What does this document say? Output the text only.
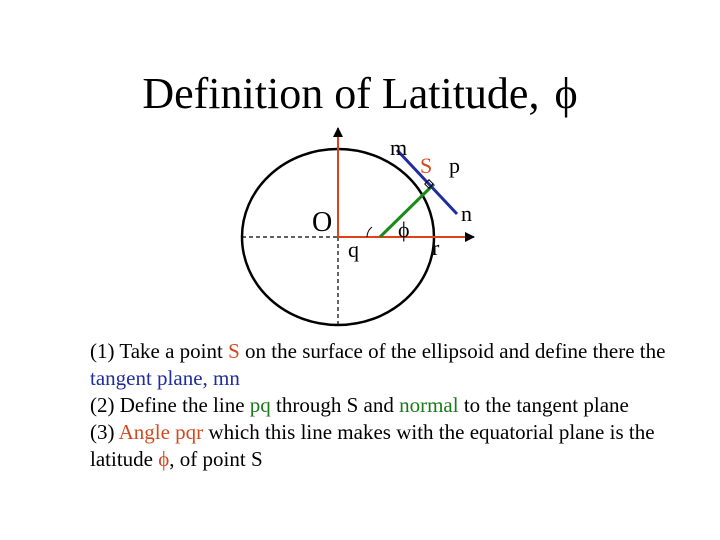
Definition of Latitude, ϕ
m
S p
n
O
q
ϕ
r

(1) Take a point S on the surface of the ellipsoid and define there the tangent plane, mn

(2) Define the line pq through S and normal to the tangent plane

(3) Angle pqr which this line makes with the equatorial plane is the latitude ϕ, of point S
